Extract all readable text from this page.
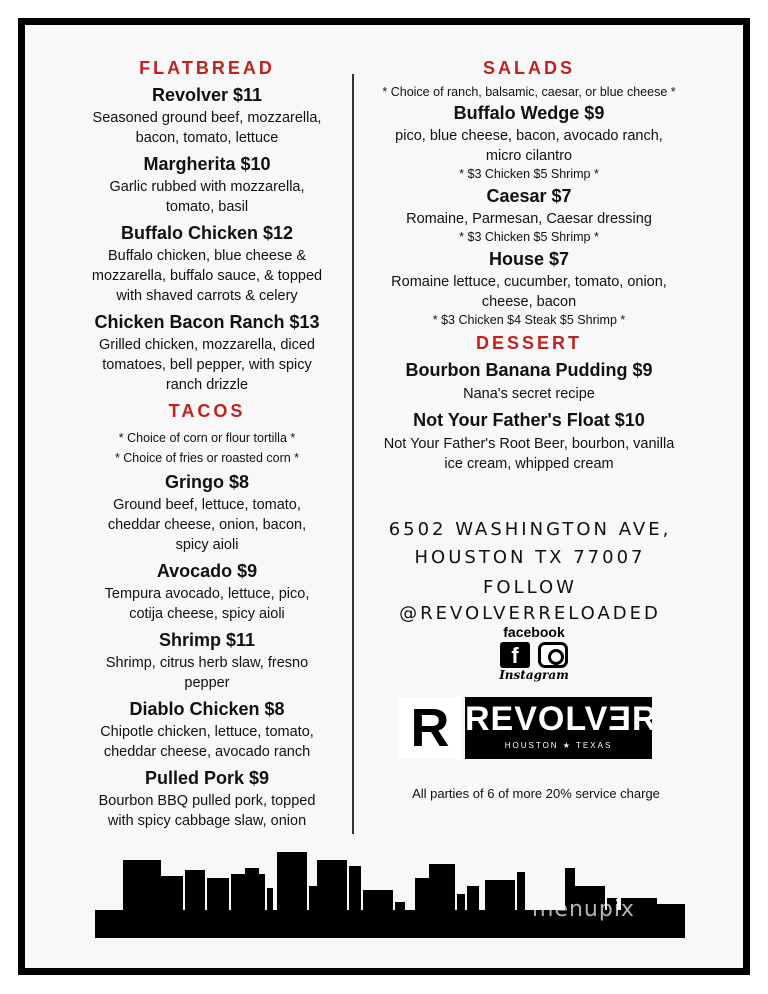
FLATBREAD
Revolver $11
Seasoned ground beef, mozzarella,
bacon, tomato, lettuce
Margherita $10
Garlic rubbed with mozzarella,
tomato, basil
Buffalo Chicken $12
Buffalo chicken, blue cheese &
mozzarella, buffalo sauce, & topped
with shaved carrots & celery
Chicken Bacon Ranch $13
Grilled chicken, mozzarella, diced
tomatoes, bell pepper, with spicy
ranch drizzle
TACOS
* Choice of corn or flour tortilla *
* Choice of fries or roasted corn *
Gringo $8
Ground beef, lettuce, tomato,
cheddar cheese, onion, bacon,
spicy aioli
Avocado $9
Tempura avocado, lettuce, pico,
cotija cheese, spicy aioli
Shrimp $11
Shrimp, citrus herb slaw, fresno
pepper
Diablo Chicken $8
Chipotle chicken, lettuce, tomato,
cheddar cheese, avocado ranch
Pulled Pork $9
Bourbon BBQ pulled pork, topped
with spicy cabbage slaw, onion
SALADS
* Choice of ranch, balsamic, caesar, or blue cheese *
Buffalo Wedge $9
pico, blue cheese, bacon, avocado ranch,
micro cilantro
* $3 Chicken $5 Shrimp *
Caesar $7
Romaine, Parmesan, Caesar dressing
* $3 Chicken $5 Shrimp *
House $7
Romaine lettuce, cucumber, tomato, onion,
cheese, bacon
* $3 Chicken $4 Steak $5 Shrimp *
DESSERT
Bourbon Banana Pudding $9
Nana's secret recipe
Not Your Father's Float $10
Not Your Father's Root Beer, bourbon, vanilla
ice cream, whipped cream
6502 WASHINGTON AVE,
HOUSTON TX 77007
FOLLOW
@REVOLVERRELOADED
facebook
f
Instagram
R REVOLVƎR
HOUSTON ★ TEXAS
All parties of 6 of more 20% service charge
menupix
